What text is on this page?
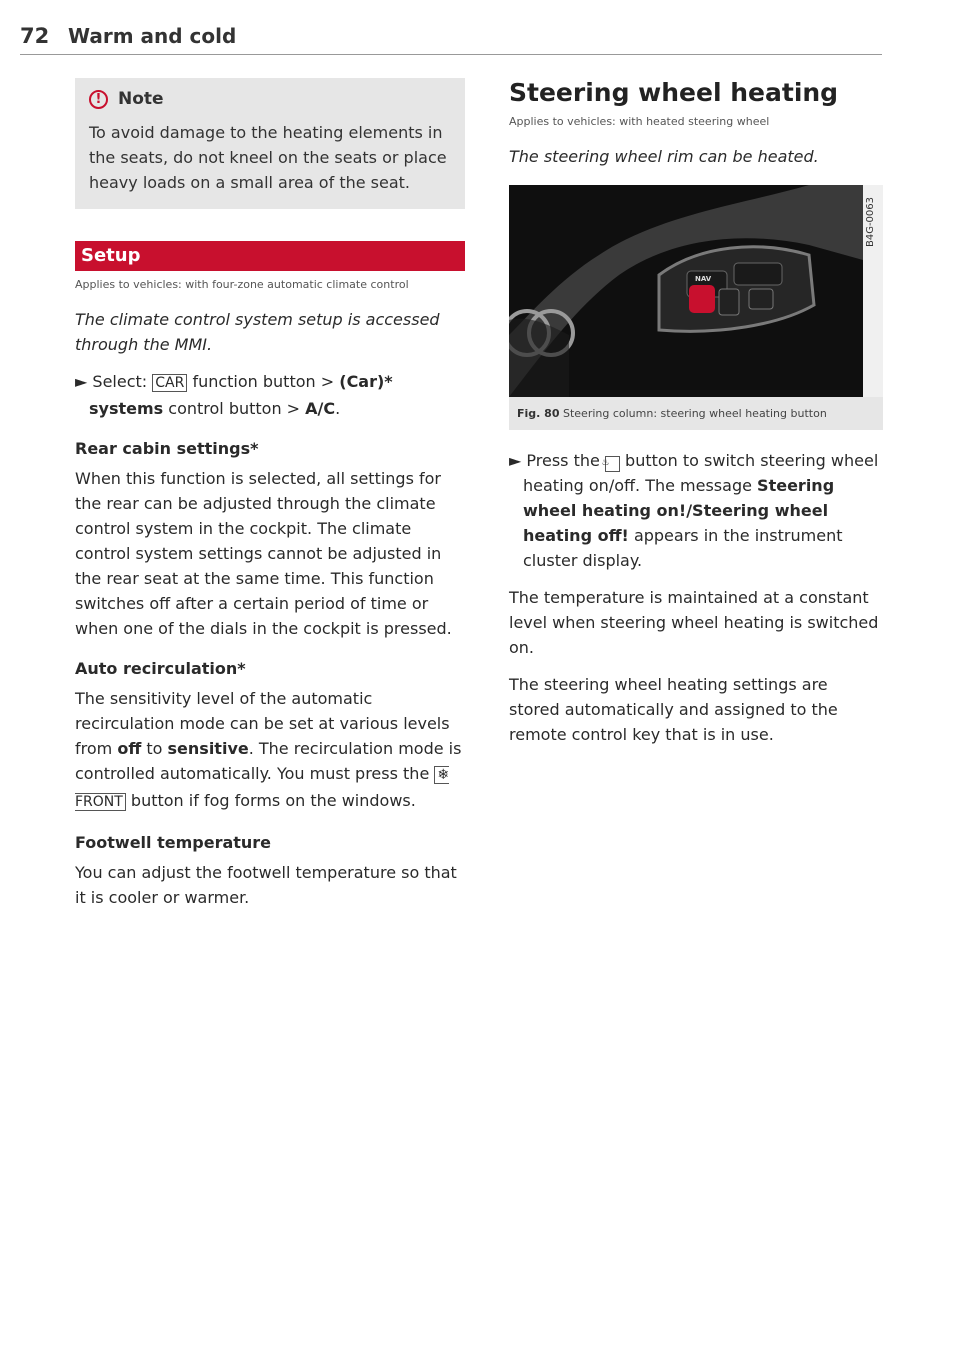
72 Warm and cold
! Note

To avoid damage to the heating elements in the seats, do not kneel on the seats or place heavy loads on a small area of the seat.

Setup

Applies to vehicles: with four-zone automatic climate control

The climate control system setup is accessed through the MMI.

► Select: CAR function button > (Car)* systems control button > A/C.

Rear cabin settings*

When this function is selected, all settings for the rear can be adjusted through the climate control system in the cockpit. The climate control system settings cannot be adjusted in the rear seat at the same time. This function switches off after a certain period of time or when one of the dials in the cockpit is pressed.

Auto recirculation*

The sensitivity level of the automatic recirculation mode can be set at various levels from off to sensitive. The recirculation mode is controlled automatically. You must press the ❄ FRONT button if fog forms on the windows.

Footwell temperature

You can adjust the footwell temperature so that it is cooler or warmer.

Steering wheel heating

Applies to vehicles: with heated steering wheel

The steering wheel rim can be heated.

NAV
B4G-0063
Fig. 80 Steering column: steering wheel heating button

► Press the ♨ button to switch steering wheel heating on/off. The message Steering wheel heating on!/Steering wheel heating off! appears in the instrument cluster display.

The temperature is maintained at a constant level when steering wheel heating is switched on.

The steering wheel heating settings are stored automatically and assigned to the remote control key that is in use.
